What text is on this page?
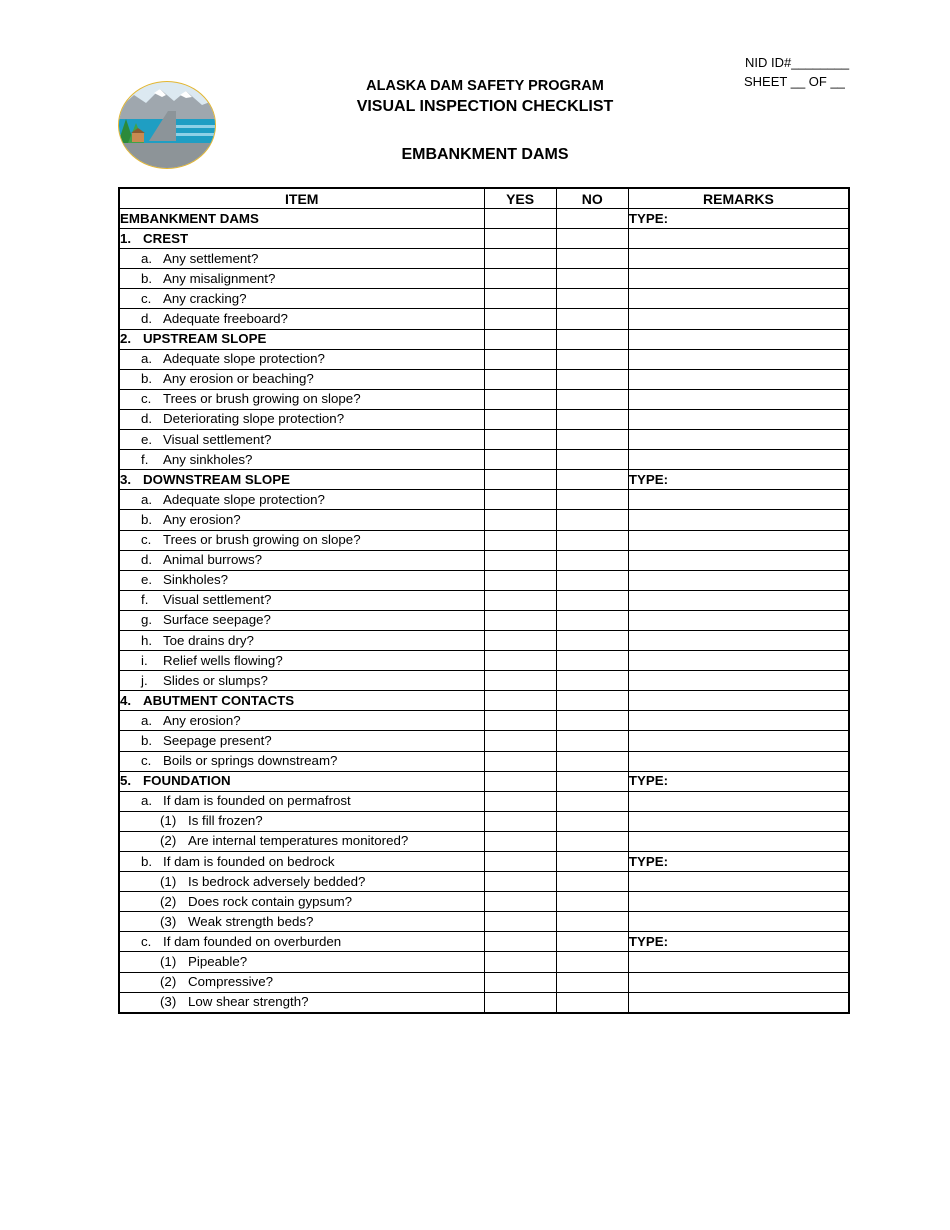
NID ID#________
SHEET __ OF __
ALASKA DAM SAFETY PROGRAM
VISUAL INSPECTION CHECKLIST
EMBANKMENT DAMS
ITEM	YES	NO	REMARKS
EMBANKMENT DAMS			TYPE:
1. CREST			
a. Any settlement?			
b. Any misalignment?			
c. Any cracking?			
d. Adequate freeboard?			
2. UPSTREAM SLOPE			
a. Adequate slope protection?			
b. Any erosion or beaching?			
c. Trees or brush growing on slope?			
d. Deteriorating slope protection?			
e. Visual settlement?			
f. Any sinkholes?			
3. DOWNSTREAM SLOPE			TYPE:
a. Adequate slope protection?			
b. Any erosion?			
c. Trees or brush growing on slope?			
d. Animal burrows?			
e. Sinkholes?			
f. Visual settlement?			
g. Surface seepage?			
h. Toe drains dry?			
i. Relief wells flowing?			
j. Slides or slumps?			
4. ABUTMENT CONTACTS			
a. Any erosion?			
b. Seepage present?			
c. Boils or springs downstream?			
5. FOUNDATION			TYPE:
a. If dam is founded on permafrost			
(1) Is fill frozen?			
(2) Are internal temperatures monitored?			
b. If dam is founded on bedrock			TYPE:
(1) Is bedrock adversely bedded?			
(2) Does rock contain gypsum?			
(3) Weak strength beds?			
c. If dam founded on overburden			TYPE:
(1) Pipeable?			
(2) Compressive?			
(3) Low shear strength?			
